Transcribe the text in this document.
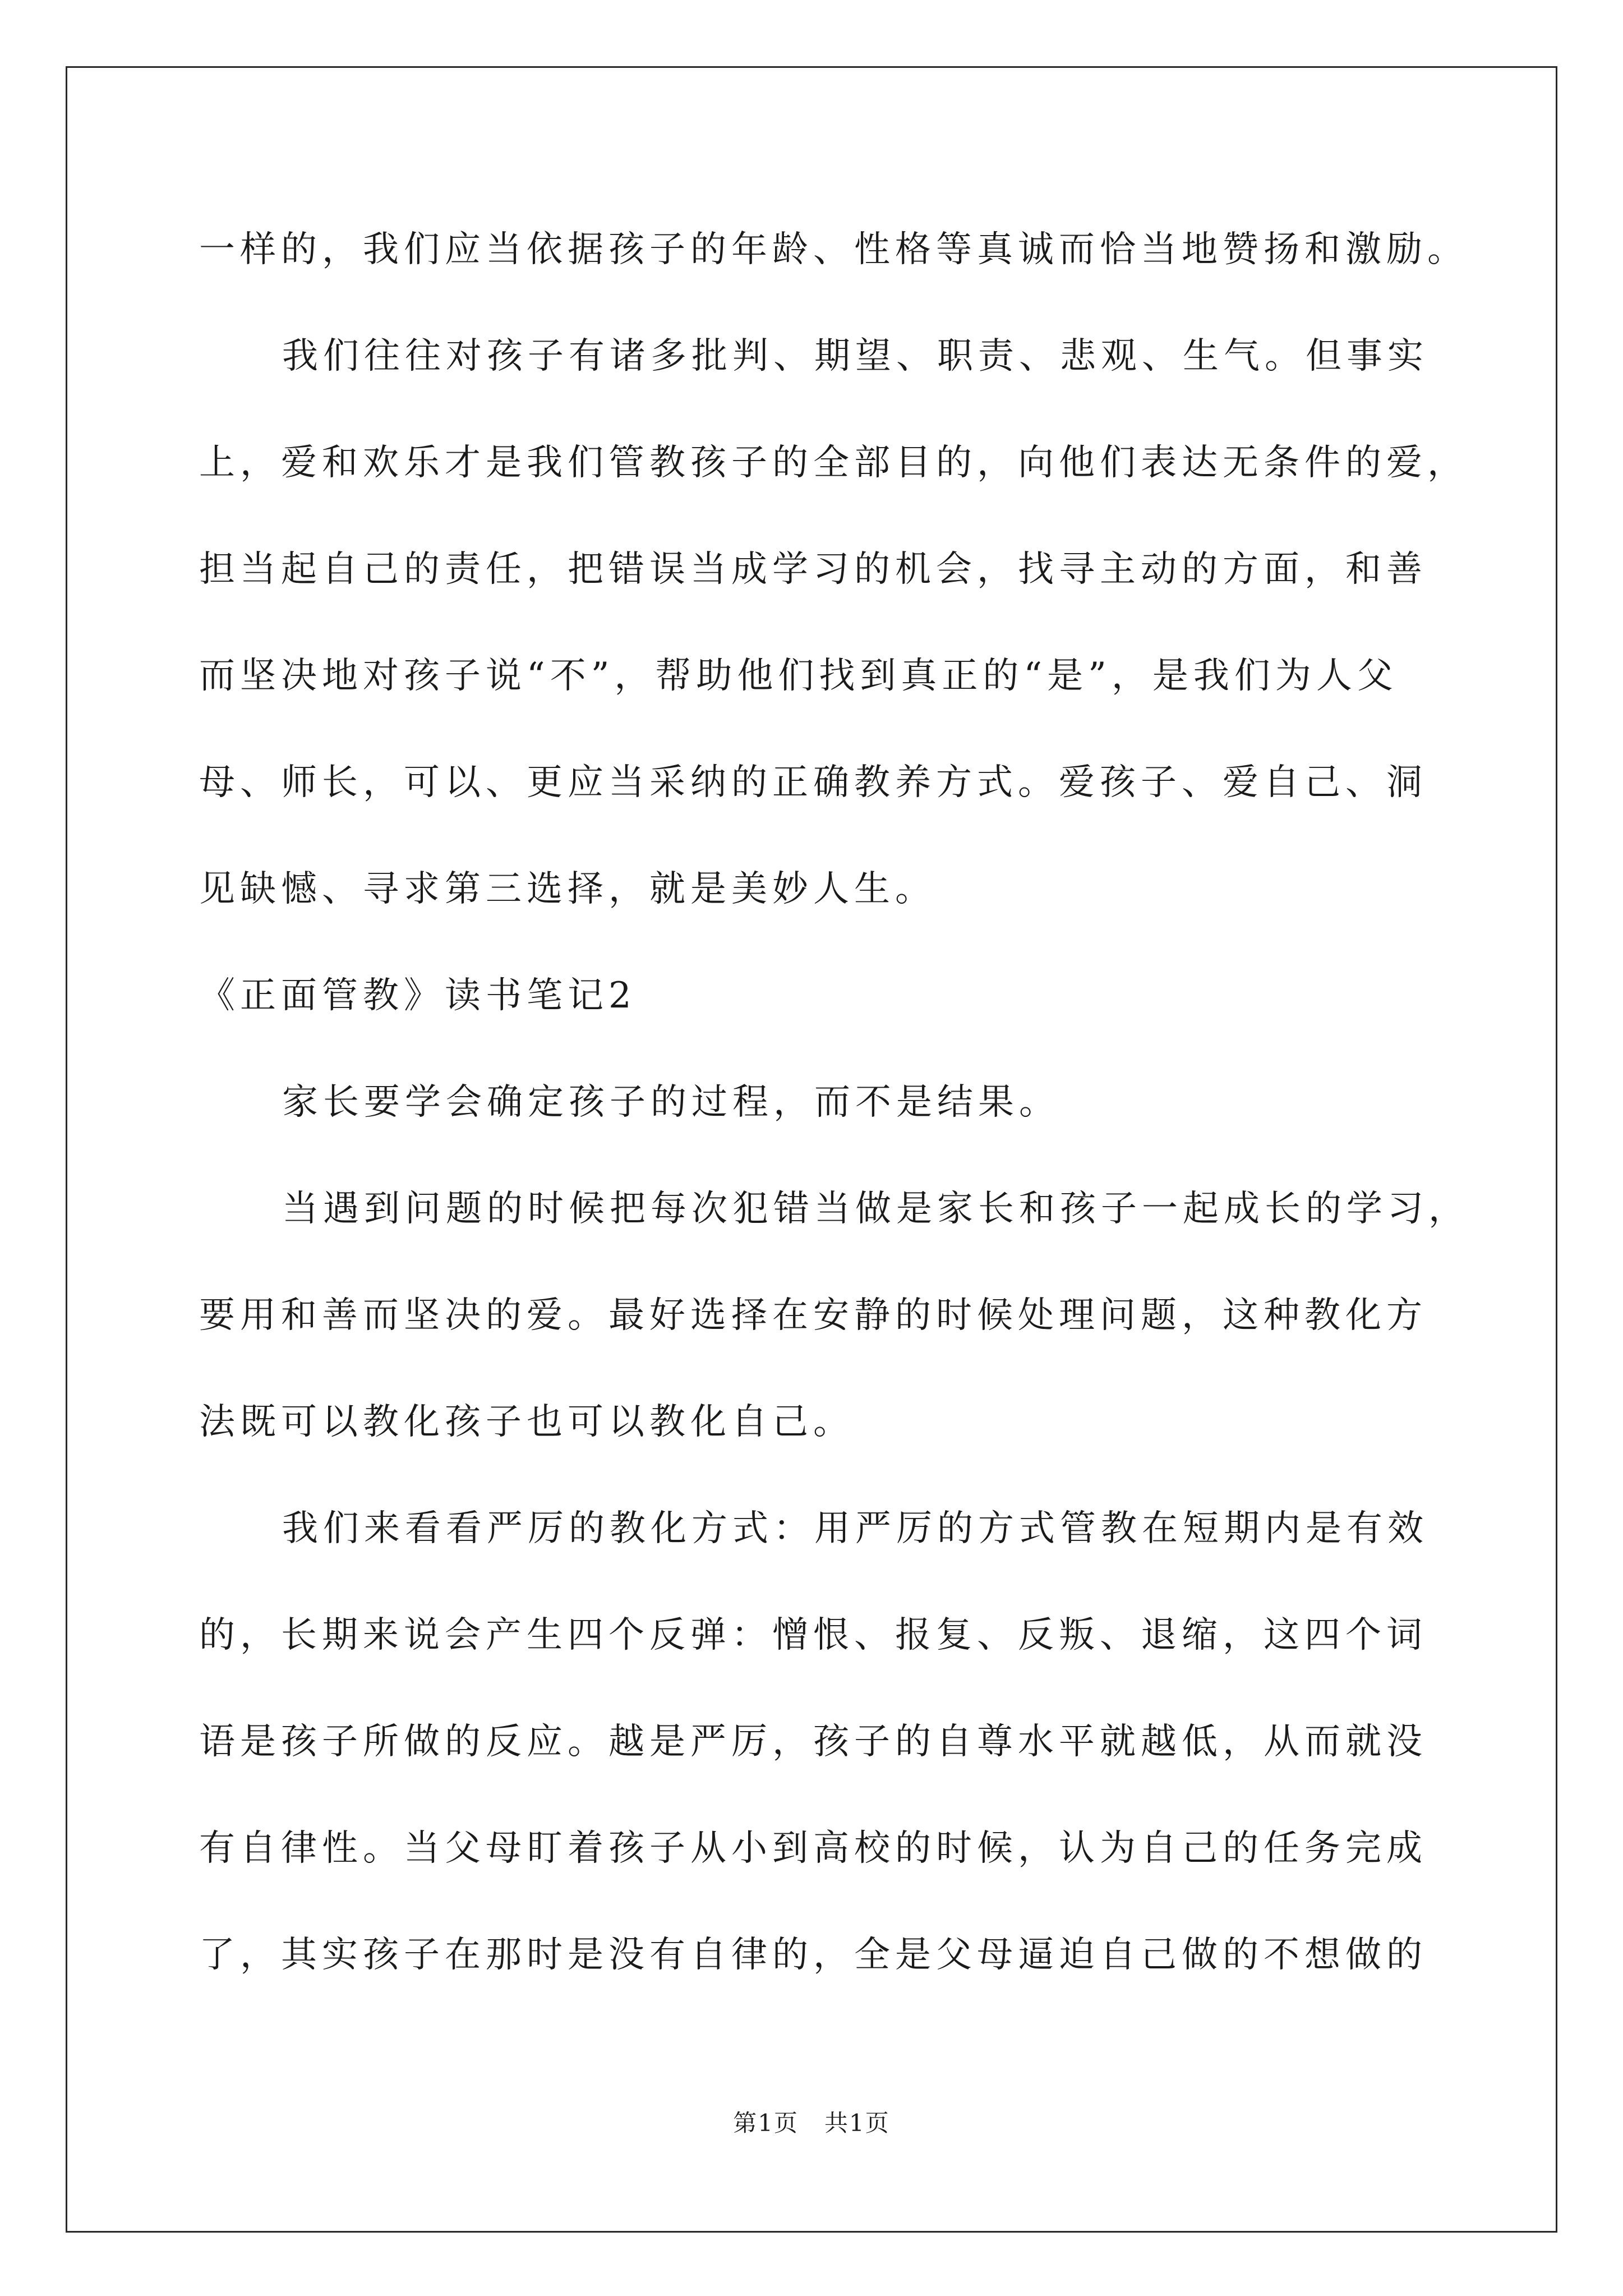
一样的，我们应当依据孩子的年龄、性格等真诚而恰当地赞扬和激励。
我们往往对孩子有诸多批判、期望、职责、悲观、生气。但事实
上，爱和欢乐才是我们管教孩子的全部目的，向他们表达无条件的爱，
担当起自己的责任，把错误当成学习的机会，找寻主动的方面，和善
而坚决地对孩子说“不”，帮助他们找到真正的“是”，是我们为人父
母、师长，可以、更应当采纳的正确教养方式。爱孩子、爱自己、洞
见缺憾、寻求第三选择，就是美妙人生。
《正面管教》读书笔记2
家长要学会确定孩子的过程，而不是结果。
当遇到问题的时候把每次犯错当做是家长和孩子一起成长的学习，
要用和善而坚决的爱。最好选择在安静的时候处理问题，这种教化方
法既可以教化孩子也可以教化自己。
我们来看看严厉的教化方式：用严厉的方式管教在短期内是有效
的，长期来说会产生四个反弹：憎恨、报复、反叛、退缩，这四个词
语是孩子所做的反应。越是严厉，孩子的自尊水平就越低，从而就没
有自律性。当父母盯着孩子从小到高校的时候，认为自己的任务完成
了，其实孩子在那时是没有自律的，全是父母逼迫自己做的不想做的
第1页   共1页
